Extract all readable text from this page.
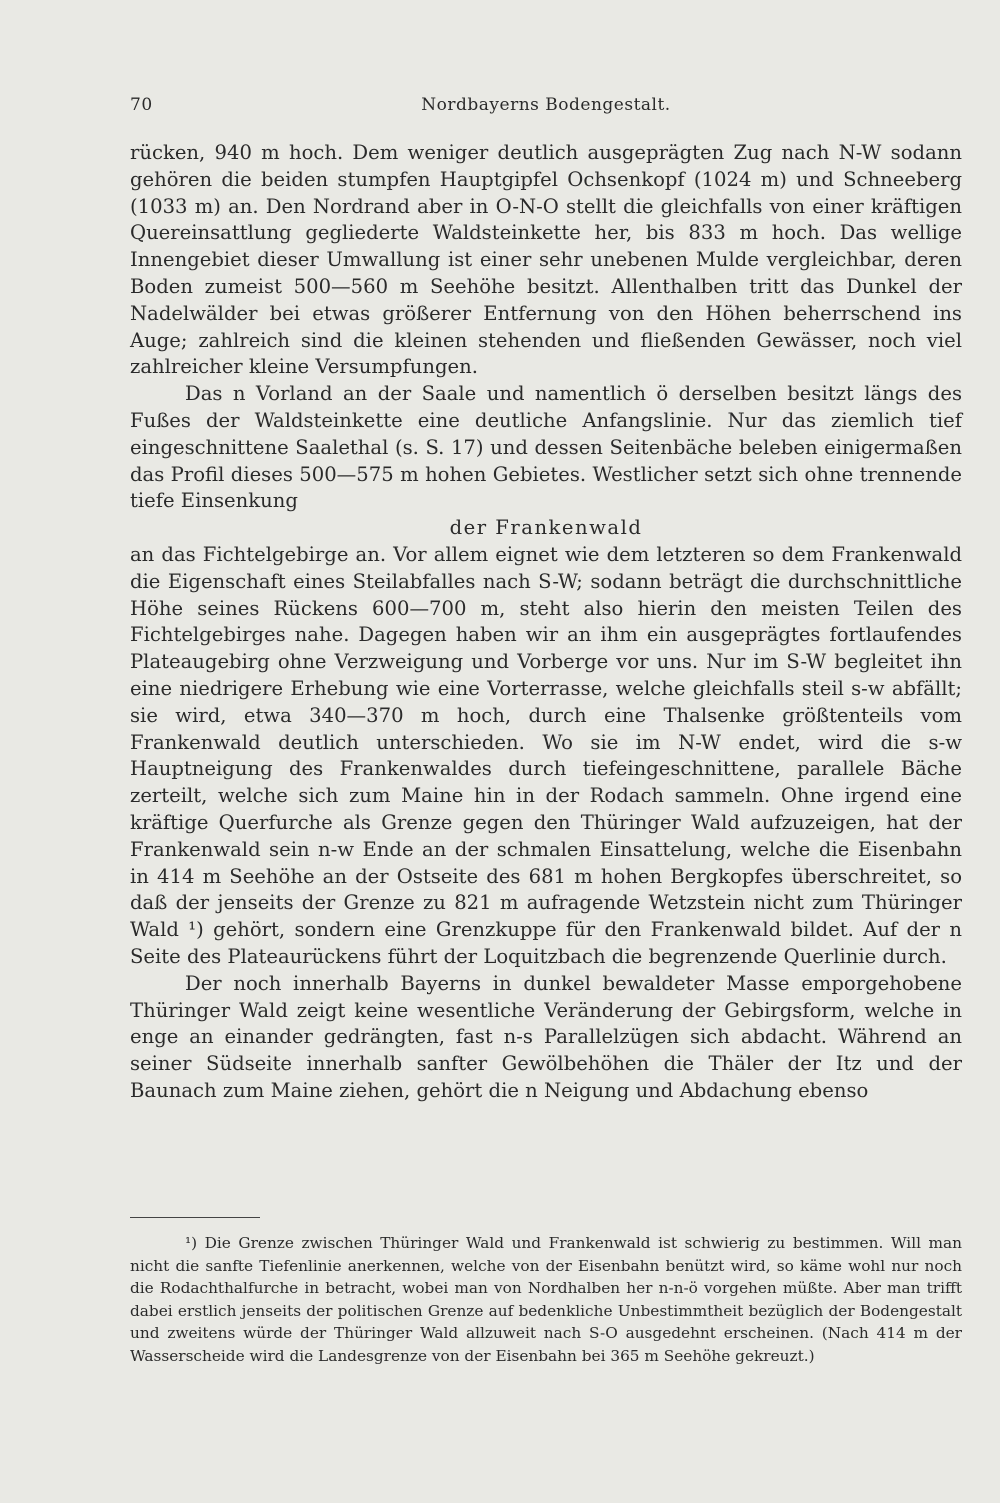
70	Nordbayerns Bodengestalt.

rücken, 940 m hoch. Dem weniger deutlich ausgeprägten Zug nach N-W sodann gehören die beiden stumpfen Hauptgipfel Ochsenkopf (1024 m) und Schneeberg (1033 m) an. Den Nordrand aber in O-N-O stellt die gleichfalls von einer kräftigen Quereinsattlung gegliederte Waldsteinkette her, bis 833 m hoch. Das wellige Innengebiet dieser Umwallung ist einer sehr unebenen Mulde vergleichbar, deren Boden zumeist 500—560 m Seehöhe besitzt. Allenthalben tritt das Dunkel der Nadelwälder bei etwas größerer Entfernung von den Höhen beherrschend ins Auge; zahlreich sind die kleinen stehenden und fließenden Gewässer, noch viel zahlreicher kleine Versumpfungen.

Das n Vorland an der Saale und namentlich ö derselben besitzt längs des Fußes der Waldsteinkette eine deutliche Anfangslinie. Nur das ziemlich tief eingeschnittene Saalethal (s. S. 17) und dessen Seitenbäche beleben einigermaßen das Profil dieses 500—575 m hohen Gebietes. Westlicher setzt sich ohne trennende tiefe Einsenkung

der Frankenwald

an das Fichtelgebirge an. Vor allem eignet wie dem letzteren so dem Frankenwald die Eigenschaft eines Steilabfalles nach S-W; sodann beträgt die durchschnittliche Höhe seines Rückens 600—700 m, steht also hierin den meisten Teilen des Fichtelgebirges nahe. Dagegen haben wir an ihm ein ausgeprägtes fortlaufendes Plateaugebirg ohne Verzweigung und Vorberge vor uns. Nur im S-W begleitet ihn eine niedrigere Erhebung wie eine Vorterrasse, welche gleichfalls steil s-w abfällt; sie wird, etwa 340—370 m hoch, durch eine Thalsenke größtenteils vom Frankenwald deutlich unterschieden. Wo sie im N-W endet, wird die s-w Hauptneigung des Frankenwaldes durch tiefeingeschnittene, parallele Bäche zerteilt, welche sich zum Maine hin in der Rodach sammeln. Ohne irgend eine kräftige Querfurche als Grenze gegen den Thüringer Wald aufzuzeigen, hat der Frankenwald sein n-w Ende an der schmalen Einsattelung, welche die Eisenbahn in 414 m Seehöhe an der Ostseite des 681 m hohen Bergkopfes überschreitet, so daß der jenseits der Grenze zu 821 m aufragende Wetzstein nicht zum Thüringer Wald ¹) gehört, sondern eine Grenzkuppe für den Frankenwald bildet. Auf der n Seite des Plateaurückens führt der Loquitzbach die begrenzende Querlinie durch.

Der noch innerhalb Bayerns in dunkel bewaldeter Masse emporgehobene Thüringer Wald zeigt keine wesentliche Veränderung der Gebirgsform, welche in enge an einander gedrängten, fast n-s Parallelzügen sich abdacht. Während an seiner Südseite innerhalb sanfter Gewölbehöhen die Thäler der Itz und der Baunach zum Maine ziehen, gehört die n Neigung und Abdachung ebenso

¹) Die Grenze zwischen Thüringer Wald und Frankenwald ist schwierig zu bestimmen. Will man nicht die sanfte Tiefenlinie anerkennen, welche von der Eisenbahn benützt wird, so käme wohl nur noch die Rodachthalfurche in betracht, wobei man von Nordhalben her n-n-ö vorgehen müßte. Aber man trifft dabei erstlich jenseits der politischen Grenze auf bedenkliche Unbestimmtheit bezüglich der Bodengestalt und zweitens würde der Thüringer Wald allzuweit nach S-O ausgedehnt erscheinen. (Nach 414 m der Wasserscheide wird die Landesgrenze von der Eisenbahn bei 365 m Seehöhe gekreuzt.)
